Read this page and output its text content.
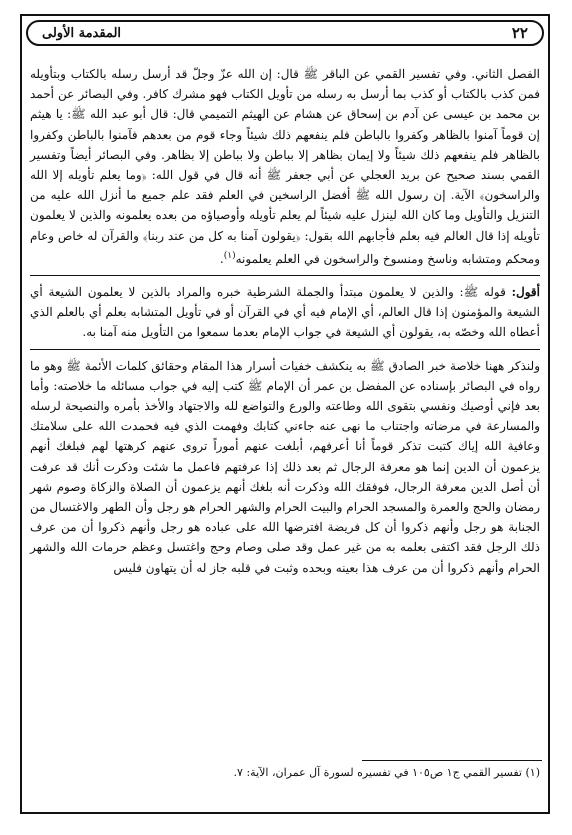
٢٢
المقدمة الأولى

الفصل الثاني. وفي تفسير القمي عن الباقر ﷺ قال: إن الله عزّ وجلّ قد أرسل رسله بالكتاب وبتأويله فمن كذب بالكتاب أو كذب بما أرسل به رسله من تأويل الكتاب فهو مشرك كافر. وفي البصائر عن أحمد بن محمد بن عيسى عن آدم بن إسحاق عن هشام عن الهيثم التميمي قال: قال أبو عبد الله ﷺ: يا هيثم إن قوماً آمنوا بالظاهر وكفروا بالباطن فلم ينفعهم ذلك شيئاً وجاء قوم من بعدهم فآمنوا بالباطن وكفروا بالظاهر فلم ينفعهم ذلك شيئاً ولا إيمان بظاهر إلا بباطن ولا بباطن إلا بظاهر. وفي البصائر أيضاً وتفسير القمي بسند صحيح عن بريد العجلي عن أبي جعفر ﷺ أنه قال في قول الله: ﴿وما يعلم تأويله إلا الله والراسخون﴾ الآية. إن رسول الله ﷺ أفضل الراسخين في العلم فقد علم جميع ما أنزل الله عليه من التنزيل والتأويل وما كان الله لينزل عليه شيئاً لم يعلم تأويله وأوصياؤه من بعده يعلمونه والذين لا يعلمون تأويله إذا قال العالم فيه بعلم فأجابهم الله بقول: ﴿يقولون آمنا به كل من عند ربنا﴾ والقرآن له خاص وعام ومحكم ومتشابه وناسخ ومنسوخ والراسخون في العلم يعلمونه$^{(١)}$.

أقول: قوله ﷺ: والذين لا يعلمون مبتدأ والجملة الشرطية خبره والمراد بالذين لا يعلمون الشيعة أي الشيعة والمؤمنون إذا قال العالم، أي الإمام فيه أي في القرآن أو في تأويل المتشابه بعلم أي بالعلم الذي أعطاه الله وخصّه به، يقولون أي الشيعة في جواب الإمام بعدما سمعوا من التأويل منه آمنا به.

ولنذكر ههنا خلاصة خبر الصادق ﷺ به ينكشف خفيات أسرار هذا المقام وحقائق كلمات الأئمة ﷺ وهو ما رواه في البصائر بإسناده عن المفضل بن عمر أن الإمام ﷺ كتب إليه في جواب مسائله ما خلاصته: وأما بعد فإني أوصيك ونفسي بتقوى الله وطاعته والورع والتواضع لله والاجتهاد والأخذ بأمره والنصيحة لرسله والمسارعة في مرضاته واجتناب ما نهى عنه جاءني كتابك وفهمت الذي فيه فحمدت الله على سلامتك وعافية الله إياك كتبت تذكر قوماً أنا أعرفهم، أبلغت عنهم أموراً تروى عنهم كرهتها لهم فبلغك أنهم يزعمون أن الدين إنما هو معرفة الرجال ثم بعد ذلك إذا عرفتهم فاعمل ما شئت وذكرت أنك قد عرفت أن أصل الدين معرفة الرجال، فوفقك الله وذكرت أنه بلغك أنهم يزعمون أن الصلاة والزكاة وصوم شهر رمضان والحج والعمرة والمسجد الحرام والبيت الحرام والشهر الحرام هو رجل وأن الطهر والاغتسال من الجنابة هو رجل وأنهم ذكروا أن كل فريضة افترضها الله على عباده هو رجل وأنهم ذكروا أن من عرف ذلك الرجل فقد اكتفى بعلمه به من غير عمل وقد صلى وصام وحج واغتسل وعظم حرمات الله والشهر الحرام وأنهم ذكروا أن من عرف هذا بعينه وبحده وثبت في قلبه جاز له أن يتهاون فليس

(١) تفسير القمي ج١ ص١٠٥ في تفسيره لسورة آل عمران، الآية: ٧.
